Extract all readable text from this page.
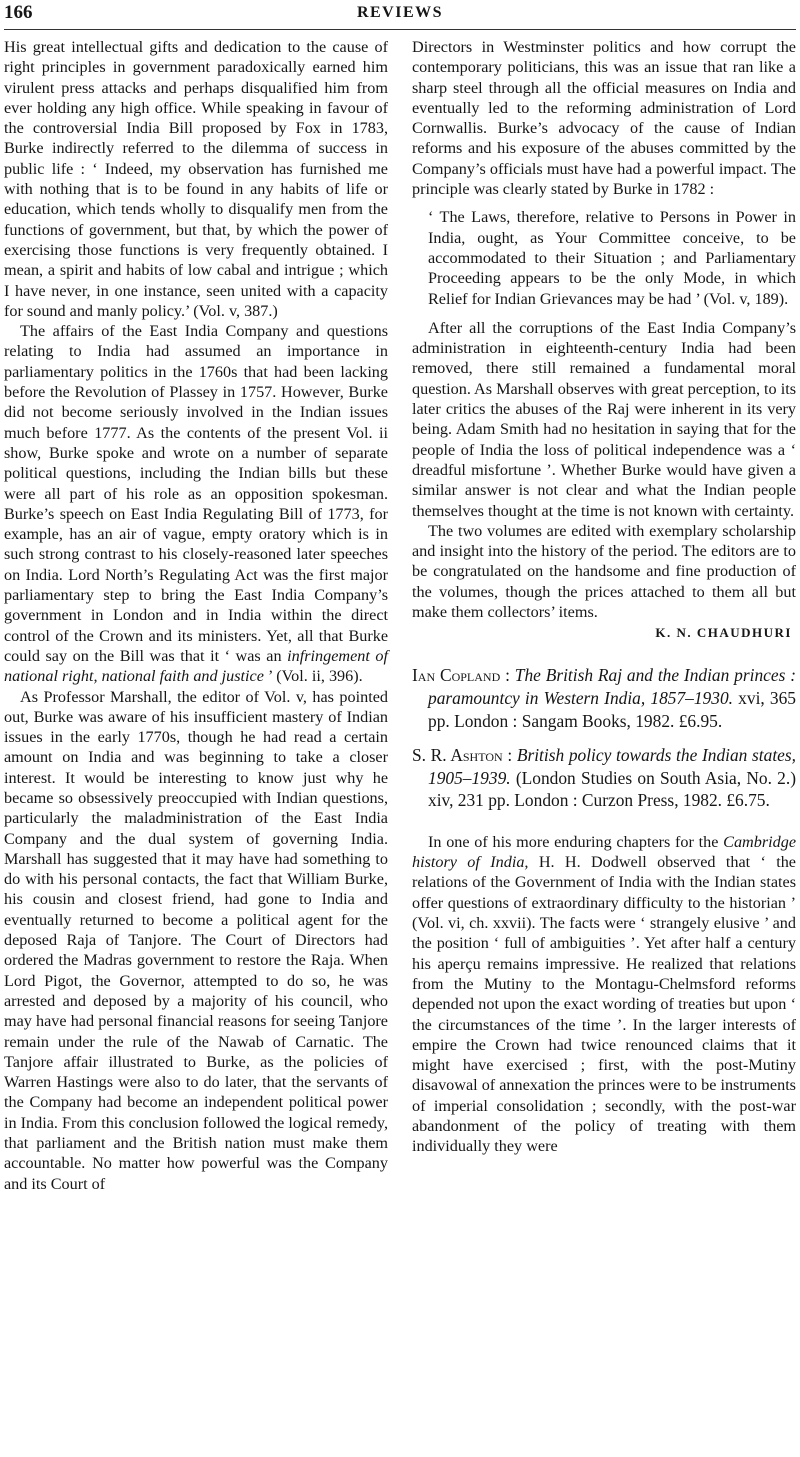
166	REVIEWS

His great intellectual gifts and dedication to the cause of right principles in government paradoxically earned him virulent press attacks and perhaps disqualified him from ever holding any high office. While speaking in favour of the controversial India Bill proposed by Fox in 1783, Burke indirectly referred to the dilemma of success in public life : ‘ Indeed, my observation has furnished me with nothing that is to be found in any habits of life or education, which tends wholly to disqualify men from the functions of government, but that, by which the power of exercising those functions is very frequently obtained. I mean, a spirit and habits of low cabal and intrigue ; which I have never, in one instance, seen united with a capacity for sound and manly policy.’ (Vol. v, 387.)

The affairs of the East India Company and questions relating to India had assumed an importance in parliamentary politics in the 1760s that had been lacking before the Revolution of Plassey in 1757. However, Burke did not become seriously involved in the Indian issues much before 1777. As the contents of the present Vol. ii show, Burke spoke and wrote on a number of separate political questions, including the Indian bills but these were all part of his role as an opposition spokesman. Burke’s speech on East India Regulating Bill of 1773, for example, has an air of vague, empty oratory which is in such strong contrast to his closely-reasoned later speeches on India. Lord North’s Regulating Act was the first major parliamentary step to bring the East India Company’s government in London and in India within the direct control of the Crown and its ministers. Yet, all that Burke could say on the Bill was that it ‘ was an infringement of national right, national faith and justice ’ (Vol. ii, 396).

As Professor Marshall, the editor of Vol. v, has pointed out, Burke was aware of his insufficient mastery of Indian issues in the early 1770s, though he had read a certain amount on India and was beginning to take a closer interest. It would be interesting to know just why he became so obsessively preoccupied with Indian questions, particularly the maladministration of the East India Company and the dual system of governing India. Marshall has suggested that it may have had something to do with his personal contacts, the fact that William Burke, his cousin and closest friend, had gone to India and eventually returned to become a political agent for the deposed Raja of Tanjore. The Court of Directors had ordered the Madras government to restore the Raja. When Lord Pigot, the Governor, attempted to do so, he was arrested and deposed by a majority of his council, who may have had personal financial reasons for seeing Tanjore remain under the rule of the Nawab of Carnatic. The Tanjore affair illustrated to Burke, as the policies of Warren Hastings were also to do later, that the servants of the Company had become an independent political power in India. From this conclusion followed the logical remedy, that parliament and the British nation must make them accountable. No matter how powerful was the Company and its Court of

Directors in Westminster politics and how corrupt the contemporary politicians, this was an issue that ran like a sharp steel through all the official measures on India and eventually led to the reforming administration of Lord Cornwallis. Burke’s advocacy of the cause of Indian reforms and his exposure of the abuses committed by the Company’s officials must have had a powerful impact. The principle was clearly stated by Burke in 1782 :

‘ The Laws, therefore, relative to Persons in Power in India, ought, as Your Committee conceive, to be accommodated to their Situation ; and Parliamentary Proceeding appears to be the only Mode, in which Relief for Indian Grievances may be had ’ (Vol. v, 189).

After all the corruptions of the East India Company’s administration in eighteenth-century India had been removed, there still remained a fundamental moral question. As Marshall observes with great perception, to its later critics the abuses of the Raj were inherent in its very being. Adam Smith had no hesitation in saying that for the people of India the loss of political independence was a ‘ dreadful misfortune ’. Whether Burke would have given a similar answer is not clear and what the Indian people themselves thought at the time is not known with certainty.

The two volumes are edited with exemplary scholarship and insight into the history of the period. The editors are to be congratulated on the handsome and fine production of the volumes, though the prices attached to them all but make them collectors’ items.

K. N. CHAUDHURI
Ian Copland : The British Raj and the Indian princes : paramountcy in Western India, 1857–1930. xvi, 365 pp. London : Sangam Books, 1982. £6.95.
S. R. Ashton : British policy towards the Indian states, 1905–1939. (London Studies on South Asia, No. 2.) xiv, 231 pp. London : Curzon Press, 1982. £6.75.

In one of his more enduring chapters for the Cambridge history of India, H. H. Dodwell observed that ‘ the relations of the Government of India with the Indian states offer questions of extraordinary difficulty to the historian ’ (Vol. vi, ch. xxvii). The facts were ‘ strangely elusive ’ and the position ‘ full of ambiguities ’. Yet after half a century his aperçu remains impressive. He realized that relations from the Mutiny to the Montagu-Chelmsford reforms depended not upon the exact wording of treaties but upon ‘ the circumstances of the time ’. In the larger interests of empire the Crown had twice renounced claims that it might have exercised ; first, with the post-Mutiny disavowal of annexation the princes were to be instruments of imperial consolidation ; secondly, with the post-war abandonment of the policy of treating with them individually they were
